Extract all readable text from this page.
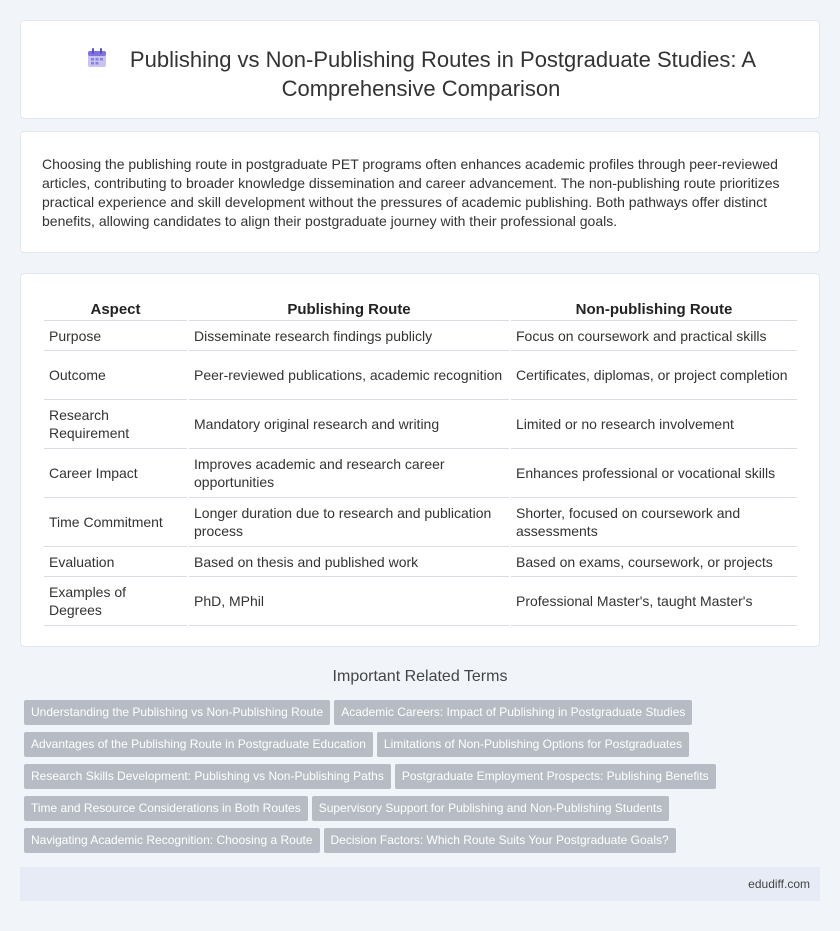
Publishing vs Non-Publishing Routes in Postgraduate Studies: A
Comprehensive Comparison

Choosing the publishing route in postgraduate PET programs often enhances academic profiles through peer-reviewed articles, contributing to broader knowledge dissemination and career advancement. The non-publishing route prioritizes practical experience and skill development without the pressures of academic publishing. Both pathways offer distinct benefits, allowing candidates to align their postgraduate journey with their professional goals.

Aspect	Publishing Route	Non-publishing Route
Purpose	Disseminate research findings publicly	Focus on coursework and practical skills
Outcome	Peer-reviewed publications, academic recognition	Certificates, diplomas, or project completion
Research Requirement	Mandatory original research and writing	Limited or no research involvement
Career Impact	Improves academic and research career opportunities	Enhances professional or vocational skills
Time Commitment	Longer duration due to research and publication process	Shorter, focused on coursework and assessments
Evaluation	Based on thesis and published work	Based on exams, coursework, or projects
Examples of Degrees	PhD, MPhil	Professional Master's, taught Master's
Important Related Terms
Understanding the Publishing vs Non-Publishing Route Academic Careers: Impact of Publishing in Postgraduate Studies
Advantages of the Publishing Route in Postgraduate Education Limitations of Non-Publishing Options for Postgraduates
Research Skills Development: Publishing vs Non-Publishing Paths Postgraduate Employment Prospects: Publishing Benefits
Time and Resource Considerations in Both Routes Supervisory Support for Publishing and Non-Publishing Students
Navigating Academic Recognition: Choosing a Route Decision Factors: Which Route Suits Your Postgraduate Goals?
edudiff.com
